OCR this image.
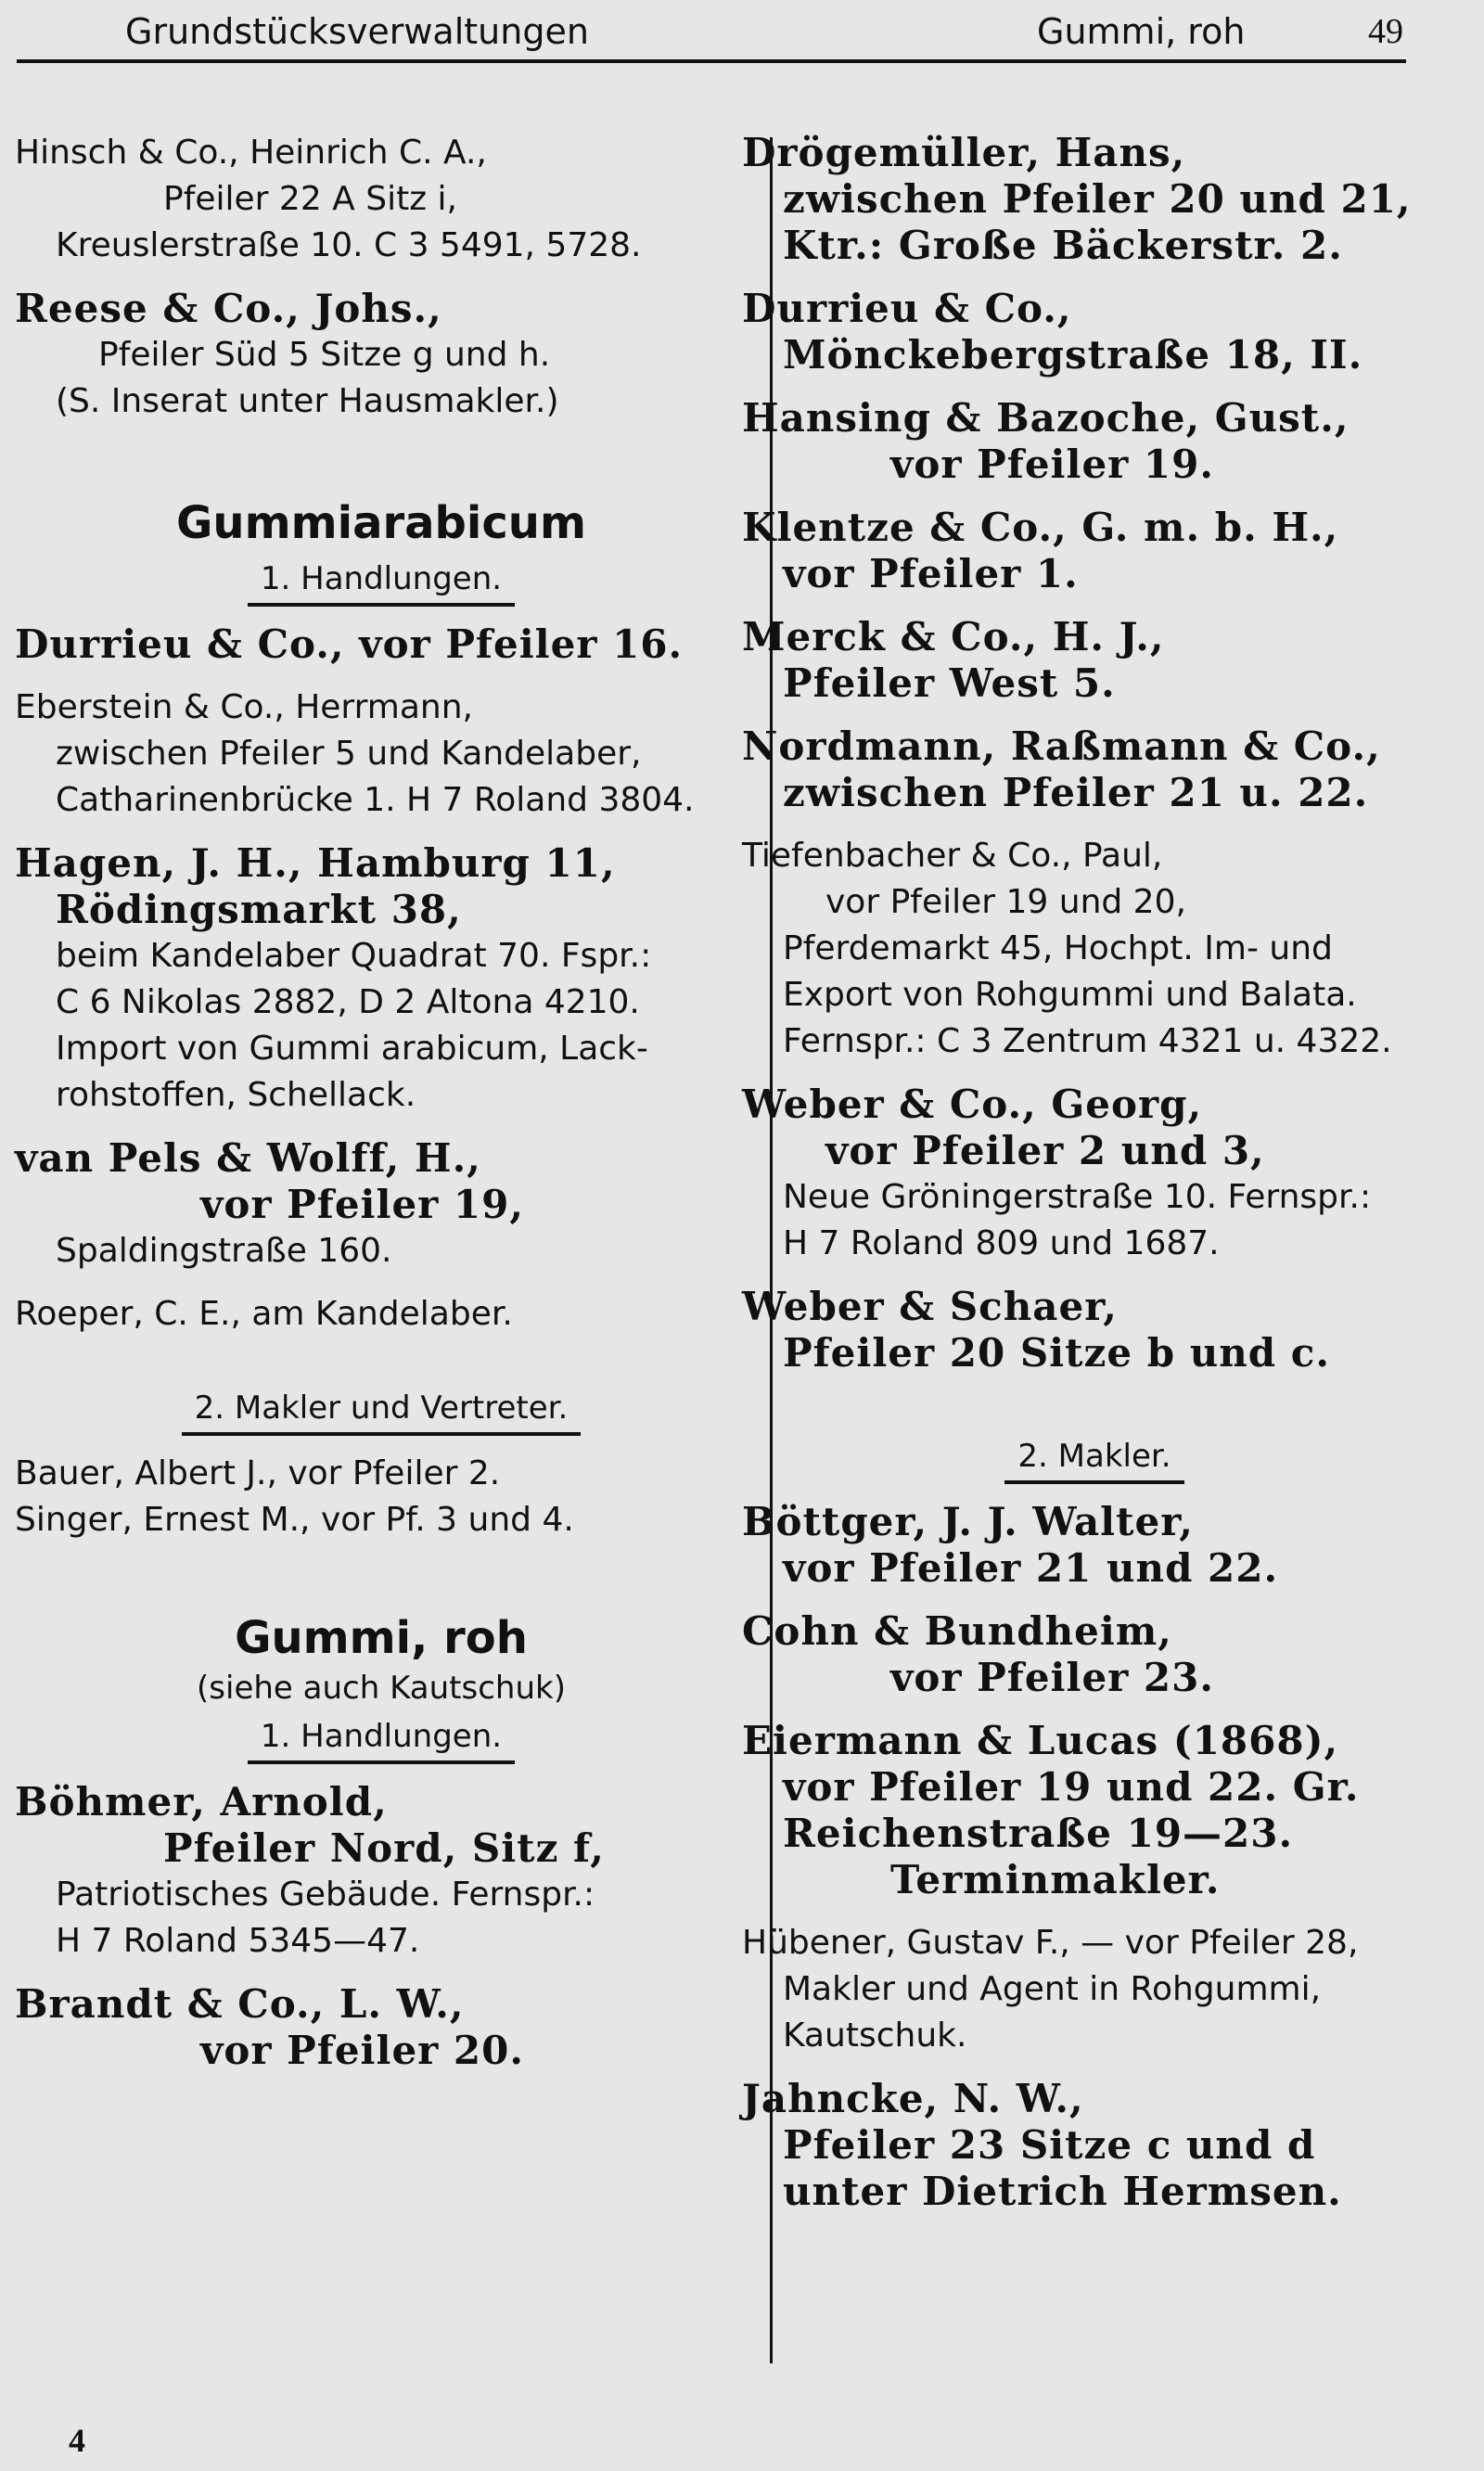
Grundstücksverwaltungen	Gummi, roh	49
Hinsch & Co., Heinrich C. A.,
Pfeiler 22 A Sitz i,
Kreuslerstraße 10. C 3 5491, 5728.
Reese & Co., Johs.,
Pfeiler Süd 5 Sitze g und h.
(S. Inserat unter Hausmakler.)
Gummiarabicum
1. Handlungen.
Durrieu & Co., vor Pfeiler 16.
Eberstein & Co., Herrmann,
zwischen Pfeiler 5 und Kandelaber,
Catharinenbrücke 1. H 7 Roland 3804.
Hagen, J. H., Hamburg 11,
Rödingsmarkt 38,
beim Kandelaber Quadrat 70. Fspr.:
C 6 Nikolas 2882, D 2 Altona 4210.
Import von Gummi arabicum, Lack-
rohstoffen, Schellack.
van Pels & Wolff, H.,
vor Pfeiler 19,
Spaldingstraße 160.
Roeper, C. E., am Kandelaber.
2. Makler und Vertreter.
Bauer, Albert J., vor Pfeiler 2.
Singer, Ernest M., vor Pf. 3 und 4.
Gummi, roh
(siehe auch Kautschuk)
1. Handlungen.
Böhmer, Arnold,
Pfeiler Nord, Sitz f,
Patriotisches Gebäude. Fernspr.:
H 7 Roland 5345—47.
Brandt & Co., L. W.,
vor Pfeiler 20.
Drögemüller, Hans,
zwischen Pfeiler 20 und 21,
Ktr.: Große Bäckerstr. 2.
Durrieu & Co.,
Mönckebergstraße 18, II.
Hansing & Bazoche, Gust.,
vor Pfeiler 19.
Klentze & Co., G. m. b. H.,
vor Pfeiler 1.
Merck & Co., H. J.,
Pfeiler West 5.
Nordmann, Raßmann & Co.,
zwischen Pfeiler 21 u. 22.
Tiefenbacher & Co., Paul,
vor Pfeiler 19 und 20,
Pferdemarkt 45, Hochpt. Im- und
Export von Rohgummi und Balata.
Fernspr.: C 3 Zentrum 4321 u. 4322.
Weber & Co., Georg,
vor Pfeiler 2 und 3,
Neue Gröningerstraße 10. Fernspr.:
H 7 Roland 809 und 1687.
Weber & Schaer,
Pfeiler 20 Sitze b und c.
2. Makler.
Böttger, J. J. Walter,
vor Pfeiler 21 und 22.
Cohn & Bundheim,
vor Pfeiler 23.
Eiermann & Lucas (1868),
vor Pfeiler 19 und 22. Gr.
Reichenstraße 19—23.
Terminmakler.
Hübener, Gustav F., — vor Pfeiler 28,
Makler und Agent in Rohgummi,
Kautschuk.
Jahncke, N. W.,
Pfeiler 23 Sitze c und d
unter Dietrich Hermsen.
4
